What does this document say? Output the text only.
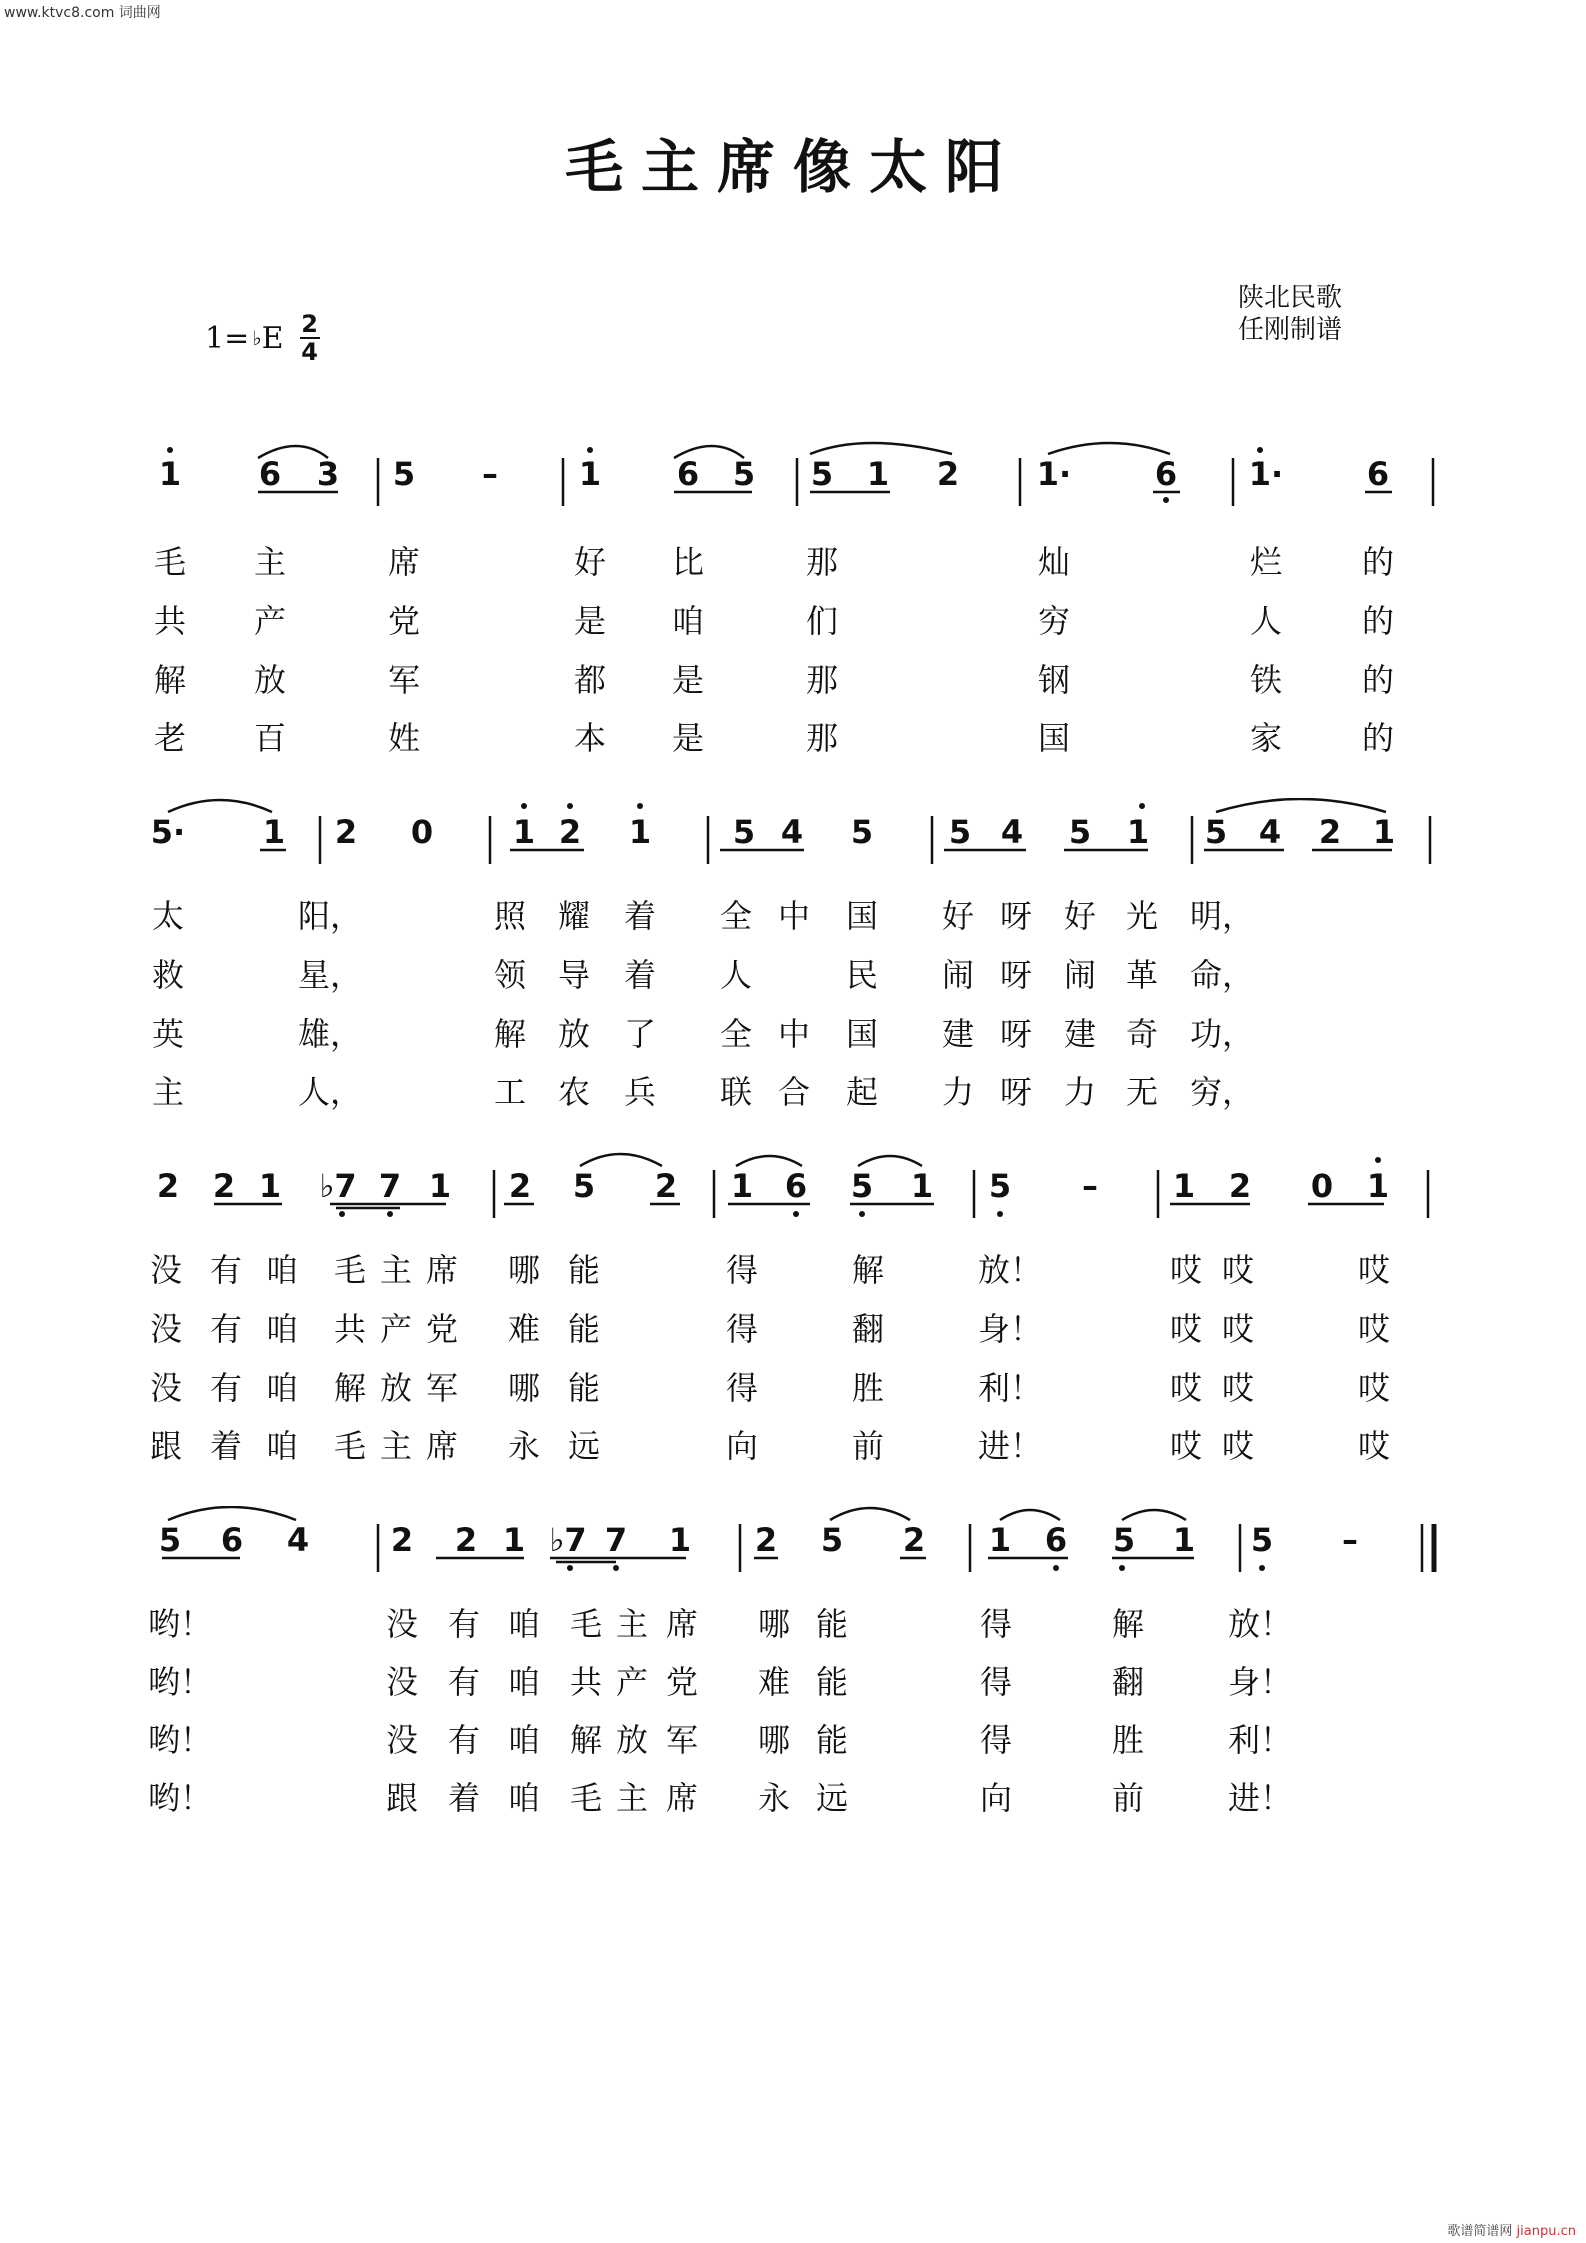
www.ktvc8.com 词曲网
歌谱简谱网 jianpu.cn
毛主席像太阳
1= ♭ E 2
4
陕北民歌
任刚制谱
1 6 3 5 –	1 6 5 5 1 2 1·	6 1·	6
毛 主	席	好 比	那	灿	烂 的
共 产	党	是 咱	们	穷	人 的
解 放	军	都 是	那	钢	铁 的
老 百	姓	本 是	那	国	家 的
5· 1 2 0 1 2 1	5 4 5 5 4 5 1 5 4 2 1
太	阳，	照 耀 着 全 中 国 好 呀 好 光 明，
救	星，	领 导 着 人	民 闹 呀 闹 革 命，
英	雄，	解 放 了 全 中 国 建 呀 建 奇 功，
主	人，	工 农 兵 联 合 起 力 呀 力 无 穷，
2 2 1 ♭7 7 1 2 5 2 1 6 5 1 5 – 1 2 0 1
没 有 咱 毛 主 席 哪 能	得	解	放！	哎 哎	哎
没 有 咱 共 产 党 难 能	得	翻	身！	哎 哎	哎
没 有 咱 解 放 军 哪 能	得	胜	利！	哎 哎	哎
跟 着 咱 毛 主 席 永 远	向	前	进！	哎 哎	哎
5 6 4	2 2 1 ♭7 7 1 2 5 2 1 6 5 1 5 –
哟！	没 有 咱 毛 主 席 哪 能	得	解	放！
哟！	没 有 咱 共 产 党 难 能	得	翻	身！
哟！	没 有 咱 解 放 军 哪 能	得	胜	利！
哟！	跟 着 咱 毛 主 席 永 远	向	前	进！
